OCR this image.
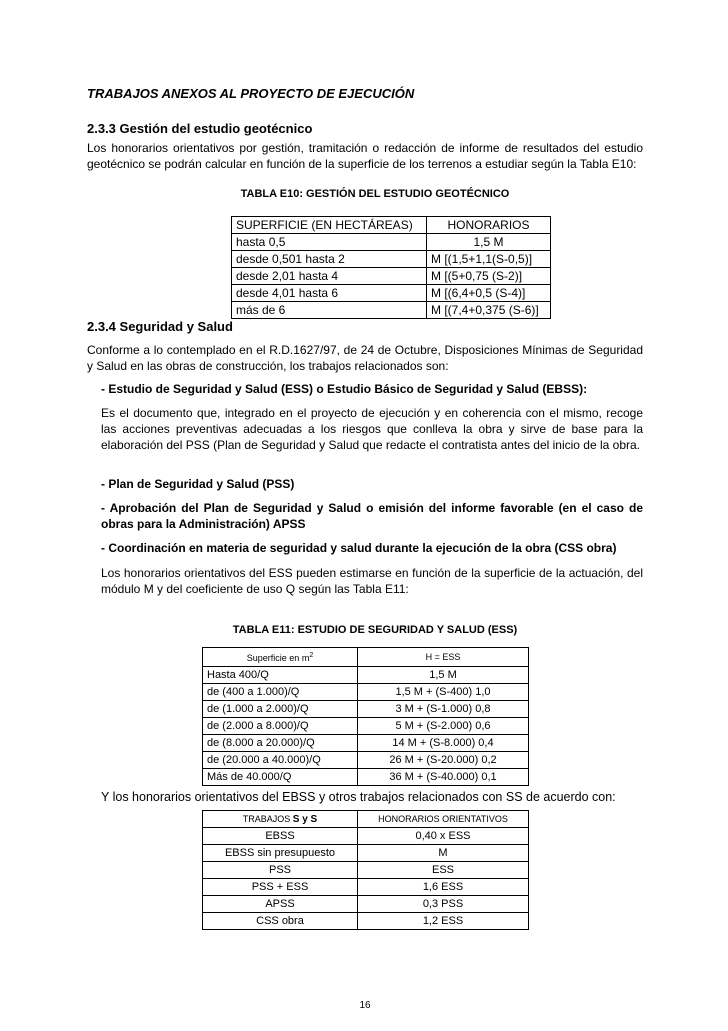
TRABAJOS ANEXOS AL PROYECTO DE EJECUCIÓN
2.3.3 Gestión del estudio geotécnico
Los honorarios orientativos por gestión, tramitación o redacción de informe de resultados del estudio geotécnico se podrán calcular en función de la superficie de los terrenos a estudiar según la Tabla E10:
TABLA E10: GESTIÓN DEL ESTUDIO GEOTÉCNICO
SUPERFICIE (EN HECTÁREAS)	HONORARIOS
hasta 0,5	1,5 M
desde 0,501 hasta 2	M [(1,5+1,1(S-0,5)]
desde 2,01 hasta 4	M [(5+0,75 (S-2)]
desde 4,01 hasta 6	M [(6,4+0,5 (S-4)]
más de 6	M [(7,4+0,375 (S-6)]
2.3.4 Seguridad y Salud
Conforme a lo contemplado en el R.D.1627/97, de 24 de Octubre, Disposiciones Mínimas de Seguridad y Salud en las obras de construcción, los trabajos relacionados son:
- Estudio de Seguridad y Salud (ESS) o Estudio Básico de Seguridad y Salud (EBSS):
Es el documento que, integrado en el proyecto de ejecución y en coherencia con el mismo, recoge las acciones preventivas adecuadas a los riesgos que conlleva la obra y sirve de base para la elaboración del PSS (Plan de Seguridad y Salud que redacte el contratista antes del inicio de la obra.
- Plan de Seguridad y Salud (PSS)
- Aprobación del Plan de Seguridad y Salud o emisión del informe favorable (en el caso de obras para la Administración) APSS
- Coordinación en materia de seguridad y salud durante la ejecución de la obra (CSS obra)
Los honorarios orientativos del ESS pueden estimarse en función de la superficie de la actuación, del módulo M y del coeficiente de uso Q según las Tabla E11:
TABLA E11: ESTUDIO DE SEGURIDAD Y SALUD (ESS)
Superficie en $m^2$	H = ESS
Hasta 400/Q	1,5 M
de (400 a 1.000)/Q	1,5 M + (S-400) 1,0
de (1.000 a 2.000)/Q	3 M + (S-1.000) 0,8
de (2.000 a 8.000)/Q	5 M + (S-2.000) 0,6
de (8.000 a 20.000)/Q	14 M + (S-8.000) 0,4
de (20.000 a 40.000)/Q	26 M + (S-20.000) 0,2
Más de 40.000/Q	36 M + (S-40.000) 0,1
Y los honorarios orientativos del EBSS y otros trabajos relacionados con SS de acuerdo con:
TRABAJOS S y S	HONORARIOS ORIENTATIVOS
EBSS	0,40 x ESS
EBSS sin presupuesto	M
PSS	ESS
PSS + ESS	1,6 ESS
APSS	0,3 PSS
CSS obra	1,2 ESS
16
